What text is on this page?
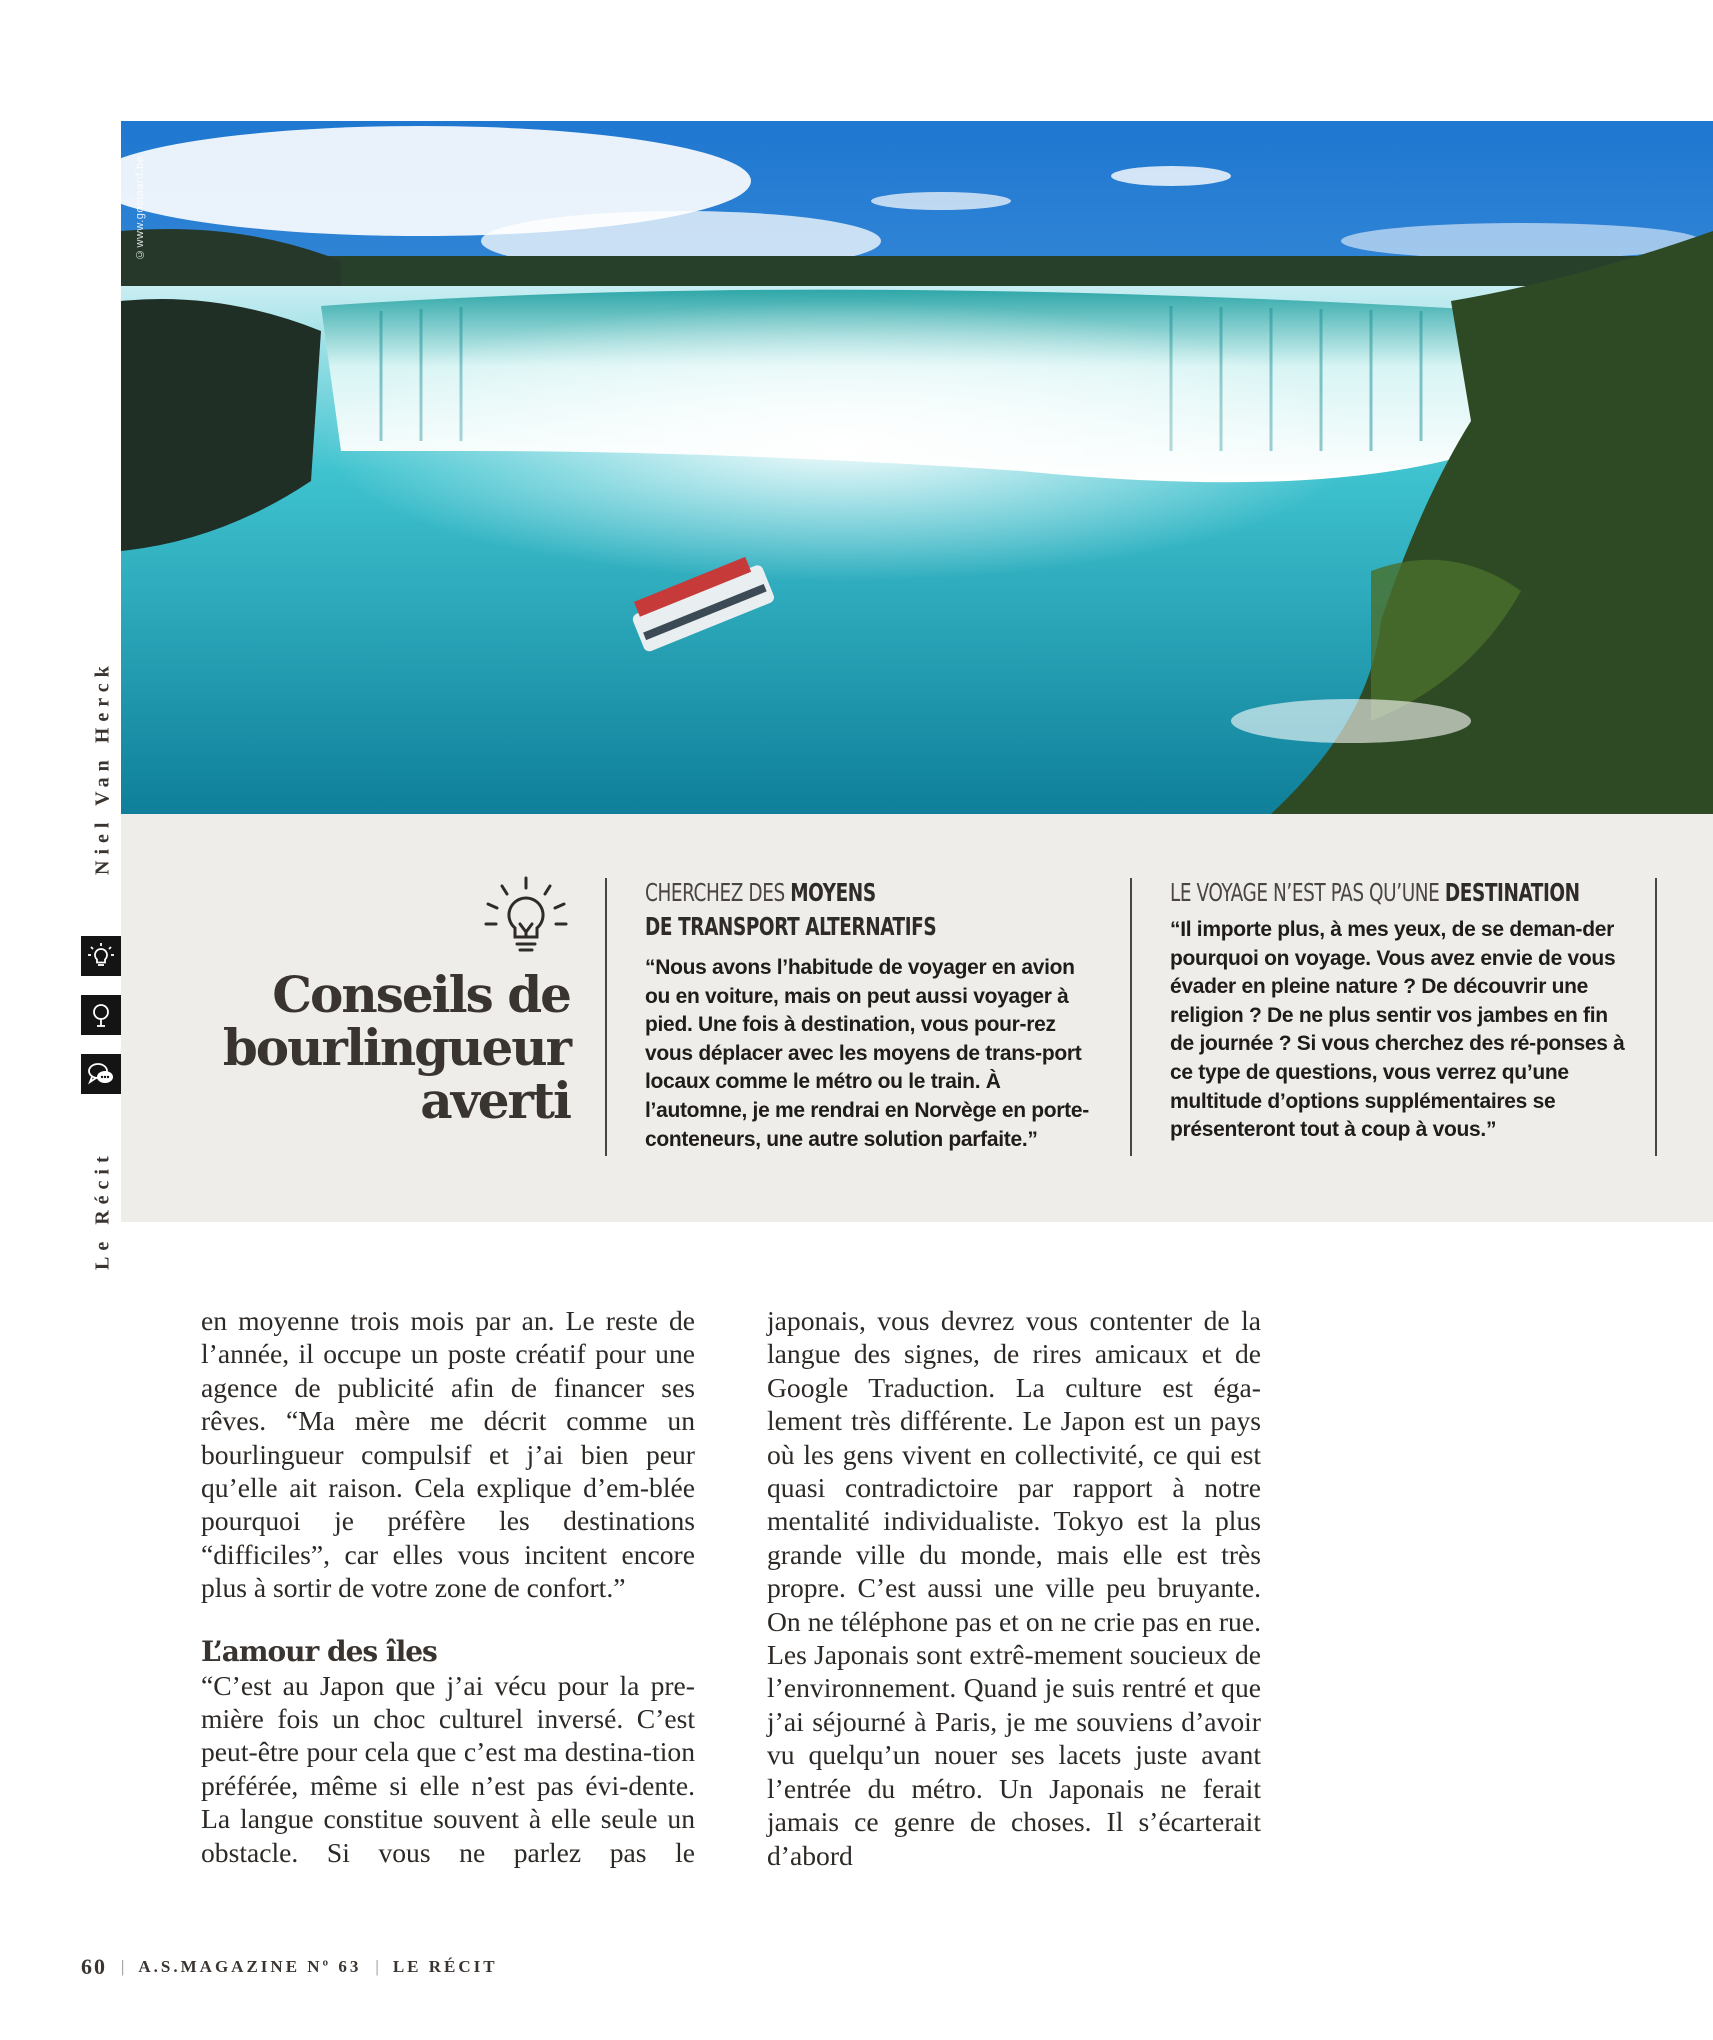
©www.goolaard.be
Le Récit
Niel Van Herck
Conseils de
bourlingueur
averti
CHERCHEZ DES MOYENS
DE TRANSPORT ALTERNATIFS
“Nous avons l’habitude de voyager en avion ou en voiture, mais on peut aussi voyager à pied. Une fois à destination, vous pour-rez vous déplacer avec les moyens de trans-port locaux comme le métro ou le train. À l’automne, je me rendrai en Norvège en porte-conteneurs, une autre solution parfaite.”
LE VOYAGE N’EST PAS QU’UNE DESTINATION
“Il importe plus, à mes yeux, de se deman-der pourquoi on voyage. Vous avez envie de vous évader en pleine nature ? De découvrir une religion ? De ne plus sentir vos jambes en fin de journée ? Si vous cherchez des ré-ponses à ce type de questions, vous verrez qu’une multitude d’options supplémentaires se présenteront tout à coup à vous.”

en moyenne trois mois par an. Le reste de l’année, il occupe un poste créatif pour une agence de publicité afin de financer ses rêves. “Ma mère me décrit comme un bourlingueur compulsif et j’ai bien peur qu’elle ait raison. Cela explique d’em-blée pourquoi je préfère les destinations “difficiles”, car elles vous incitent encore plus à sortir de votre zone de confort.”

L’amour des îles

“C’est au Japon que j’ai vécu pour la pre-mière fois un choc culturel inversé. C’est peut-être pour cela que c’est ma destina-tion préférée, même si elle n’est pas évi-dente. La langue constitue souvent à elle seule un obstacle. Si vous ne parlez pas le

japonais, vous devrez vous contenter de la langue des signes, de rires amicaux et de Google Traduction. La culture est éga-lement très différente. Le Japon est un pays où les gens vivent en collectivité, ce qui est quasi contradictoire par rapport à notre mentalité individualiste. Tokyo est la plus grande ville du monde, mais elle est très propre. C’est aussi une ville peu bruyante. On ne téléphone pas et on ne crie pas en rue. Les Japonais sont extrê-mement soucieux de l’environnement. Quand je suis rentré et que j’ai séjourné à Paris, je me souviens d’avoir vu quelqu’un nouer ses lacets juste avant l’entrée du métro. Un Japonais ne ferait jamais ce genre de choses. Il s’écarterait d’abord

60 | A.S.MAGAZINE Nº 63 | LE RÉCIT
